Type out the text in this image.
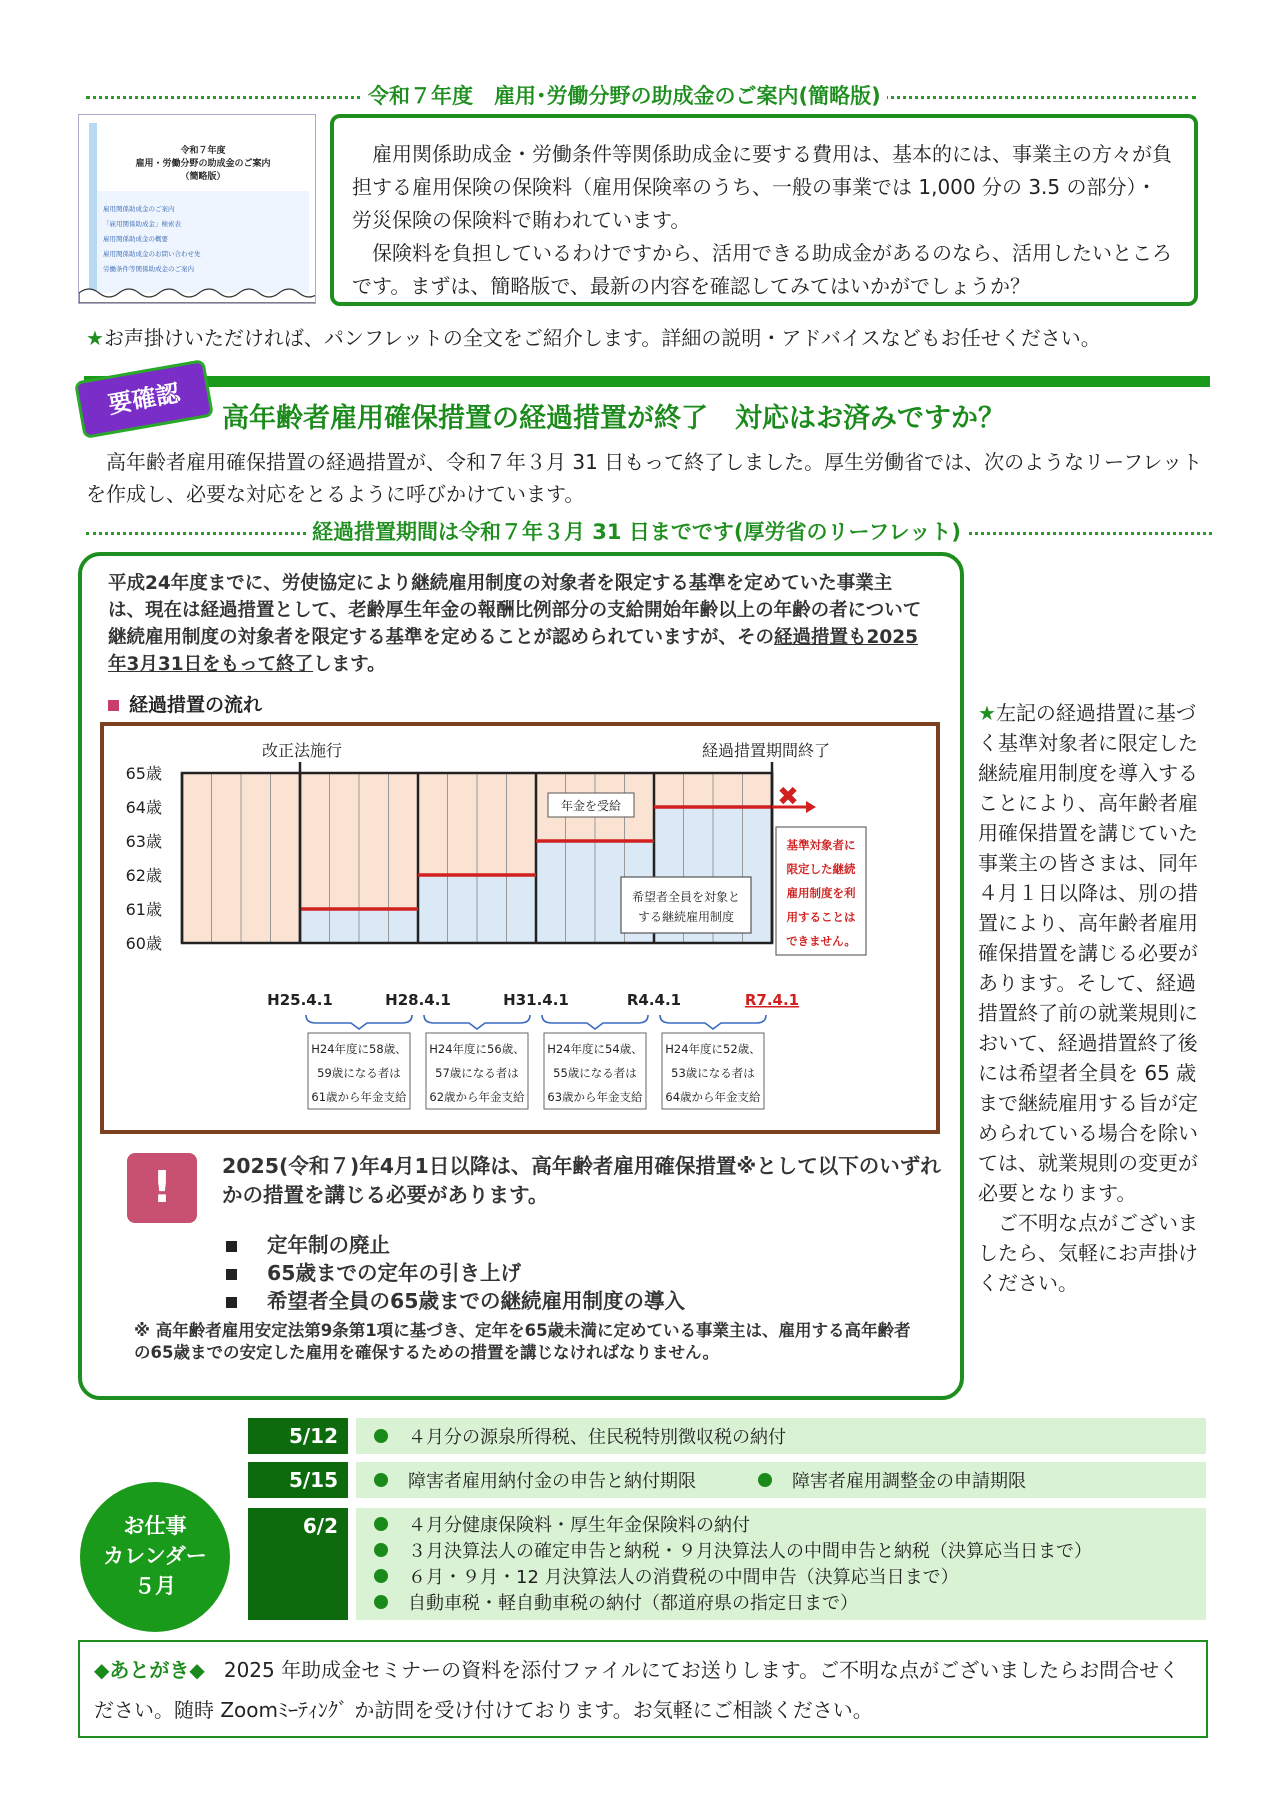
令和７年度　雇用･労働分野の助成金のご案内(簡略版)
令和７年度
雇用・労働分野の助成金のご案内
（簡略版）
雇用関係助成金のご案内
「雇用関係助成金」検索表
雇用関係助成金の概要
雇用関係助成金のお問い合わせ先
労働条件等関係助成金のご案内

雇用関係助成金・労働条件等関係助成金に要する費用は、基本的には、事業主の方々が負担する雇用保険の保険料（雇用保険率のうち、一般の事業では 1,000 分の 3.5 の部分）・労災保険の保険料で賄われています。

保険料を負担しているわけですから、活用できる助成金があるのなら、活用したいところです。まずは、簡略版で、最新の内容を確認してみてはいかがでしょうか？

★お声掛けいただければ、パンフレットの全文をご紹介します。詳細の説明・アドバイスなどもお任せください。
要確認	高年齢者雇用確保措置の経過措置が終了　対応はお済みですか？

高年齢者雇用確保措置の経過措置が、令和７年３月 31 日もって終了しました。厚生労働省では、次のようなリーフレットを作成し、必要な対応をとるように呼びかけています。

経過措置期間は令和７年３月 31 日までです(厚労省のリーフレット)
平成24年度までに、労使協定により継続雇用制度の対象者を限定する基準を定めていた事業主は、現在は経過措置として、老齢厚生年金の報酬比例部分の支給開始年齢以上の年齢の者について継続雇用制度の対象者を限定する基準を定めることが認められていますが、その経過措置も2025年3月31日をもって終了します。
経過措置の流れ
60歳
61歳
62歳
63歳
64歳
65歳
H25.4.1	H28.4.1	H31.4.1	R4.4.1	R7.4.1
改正法施行	経過措置期間終了
年金を受給
希望者全員を対象と
する継続雇用制度
✖
基準対象者に
限定した継続
雇用制度を利
用することは
できません。
H24年度に58歳、
59歳になる者は
61歳から年金支給
H24年度に56歳、
57歳になる者は
62歳から年金支給
H24年度に54歳、
55歳になる者は
63歳から年金支給
H24年度に52歳、
53歳になる者は
64歳から年金支給
!	2025(令和７)年4月1日以降は、高年齢者雇用確保措置※として以下のいずれかの措置を講じる必要があります。
定年制の廃止
65歳までの定年の引き上げ
希望者全員の65歳までの継続雇用制度の導入
※ 高年齢者雇用安定法第9条第1項に基づき、定年を65歳未満に定めている事業主は、雇用する高年齢者の65歳までの安定した雇用を確保するための措置を講じなければなりません。

★左記の経過措置に基づく基準対象者に限定した継続雇用制度を導入することにより、高年齢者雇用確保措置を講じていた事業主の皆さまは、同年４月１日以降は、別の措置により、高年齢者雇用確保措置を講じる必要があります。そして、経過措置終了前の就業規則において、経過措置終了後には希望者全員を 65 歳まで継続雇用する旨が定められている場合を除いては、就業規則の変更が必要となります。

ご不明な点がございましたら、気軽にお声掛けください。

5/12	４月分の源泉所得税、住民税特別徴収税の納付
5/15	障害者雇用納付金の申告と納付期限	障害者雇用調整金の申請期限
6/2	４月分健康保険料・厚生年金保険料の納付
３月決算法人の確定申告と納税・９月決算法人の中間申告と納税（決算応当日まで）
６月・９月・12 月決算法人の消費税の中間申告（決算応当日まで）
自動車税・軽自動車税の納付（都道府県の指定日まで）
お仕事
カレンダー
５月
◆あとがき◆ 2025 年助成金セミナーの資料を添付ファイルにてお送りします。ご不明な点がございましたらお問合せください。随時 Zoomﾐｰﾃｨﾝｸﾞ か訪問を受け付けております。お気軽にご相談ください。
